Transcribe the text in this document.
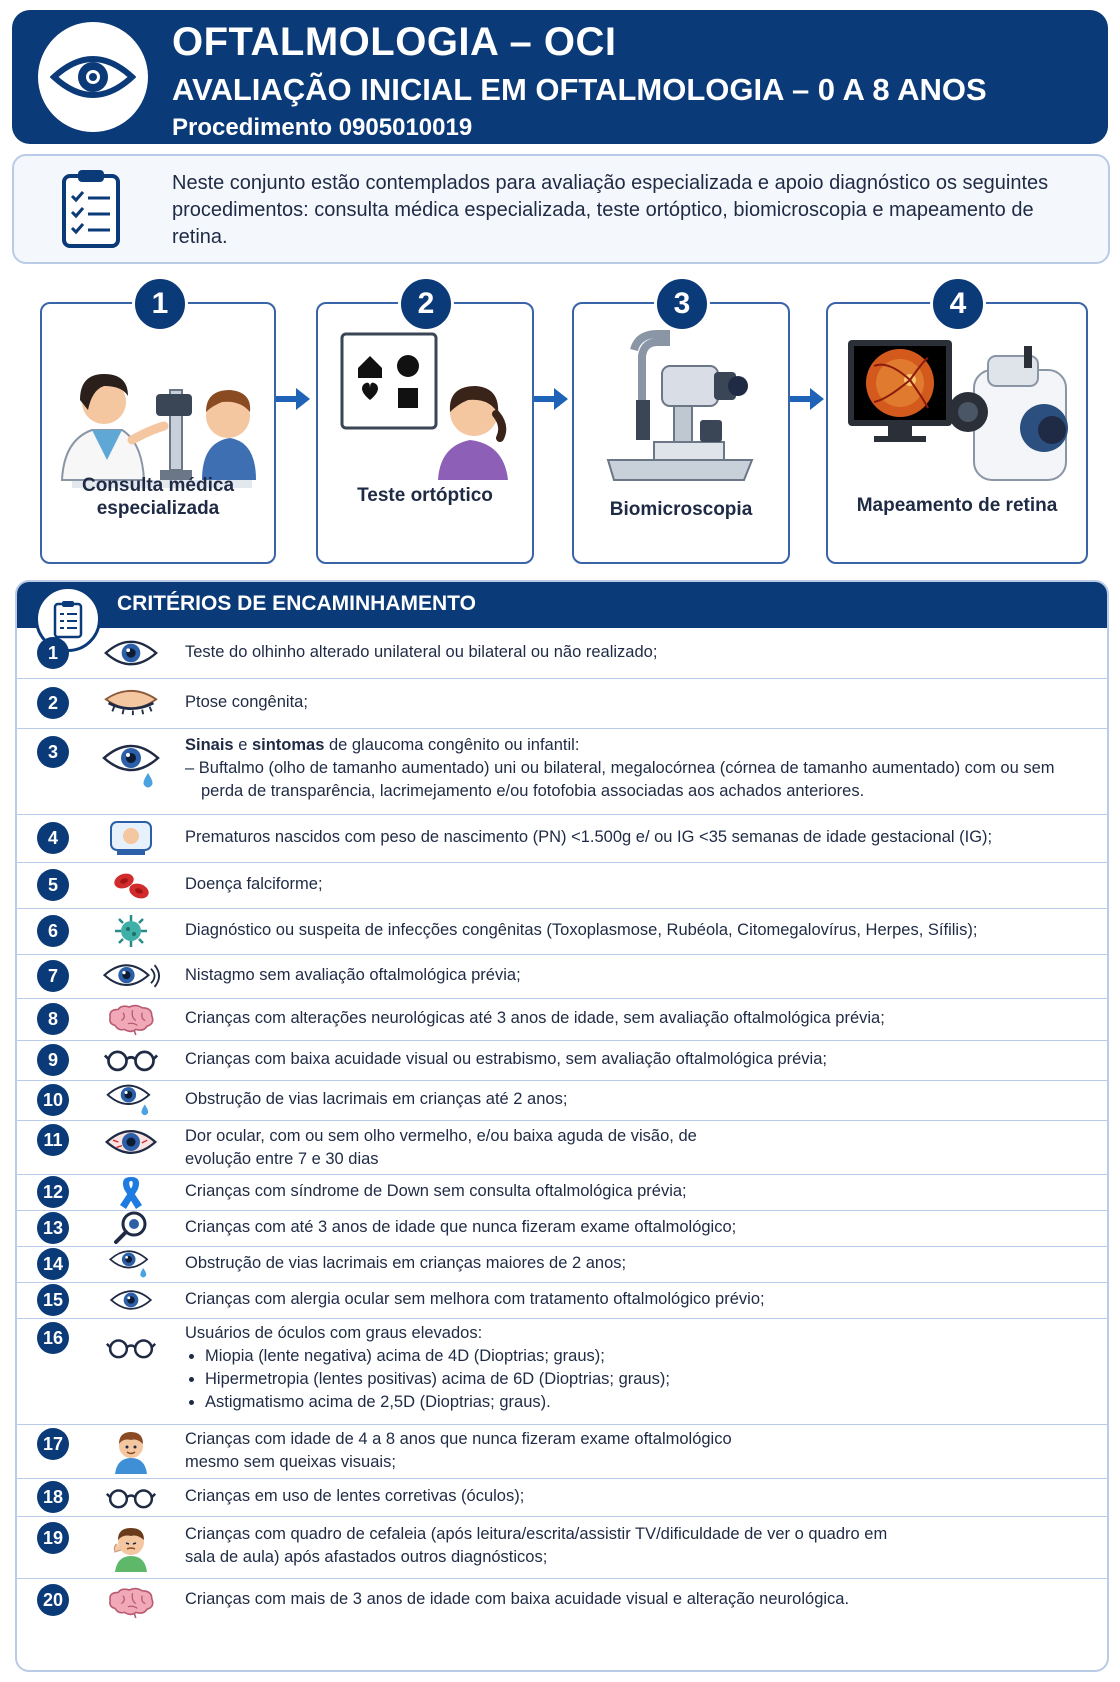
OFTALMOLOGIA – OCI
AVALIAÇÃO INICIAL EM OFTALMOLOGIA – 0 A 8 ANOS
Procedimento 0905010019
Neste conjunto estão contemplados para avaliação especializada e apoio diagnóstico os seguintes procedimentos: consulta médica especializada, teste ortóptico, biomicroscopia e mapeamento de retina.
1
Consulta médica especializada
2
Teste ortóptico
3
Biomicroscopia
4
Mapeamento de retina
CRITÉRIOS DE ENCAMINHAMENTO
1	Teste do olhinho alterado unilateral ou bilateral ou não realizado;
2	Ptose congênita;
3	Sinais e sintomas de glaucoma congênito ou infantil:
– Buftalmo (olho de tamanho aumentado) uni ou bilateral, megalocórnea (córnea de tamanho aumentado) com ou sem perda de transparência, lacrimejamento e/ou fotofobia associadas aos achados anteriores.
4	Prematuros nascidos com peso de nascimento (PN) <1.500g e/ ou IG <35 semanas de idade gestacional (IG);
5	Doença falciforme;
6	Diagnóstico ou suspeita de infecções congênitas (Toxoplasmose, Rubéola, Citomegalovírus, Herpes, Sífilis);
7	Nistagmo sem avaliação oftalmológica prévia;
8	Crianças com alterações neurológicas até 3 anos de idade, sem avaliação oftalmológica prévia;
9	Crianças com baixa acuidade visual ou estrabismo, sem avaliação oftalmológica prévia;
10	Obstrução de vias lacrimais em crianças até 2 anos;
11	Dor ocular, com ou sem olho vermelho, e/ou baixa aguda de visão, de evolução entre 7 e 30 dias
12	Crianças com síndrome de Down sem consulta oftalmológica prévia;
13	Crianças com até 3 anos de idade que nunca fizeram exame oftalmológico;
14	Obstrução de vias lacrimais em crianças maiores de 2 anos;
15	Crianças com alergia ocular sem melhora com tratamento oftalmológico prévio;
16	Usuários de óculos com graus elevados:
• Miopia (lente negativa) acima de 4D (Dioptrias; graus);
• Hipermetropia (lentes positivas) acima de 6D (Dioptrias; graus);
• Astigmatismo acima de 2,5D (Dioptrias; graus).
17	Crianças com idade de 4 a 8 anos que nunca fizeram exame oftalmológico mesmo sem queixas visuais;
18	Crianças em uso de lentes corretivas (óculos);
19	Crianças com quadro de cefaleia (após leitura/escrita/assistir TV/dificuldade de ver o quadro em sala de aula) após afastados outros diagnósticos;
20	Crianças com mais de 3 anos de idade com baixa acuidade visual e alteração neurológica.
